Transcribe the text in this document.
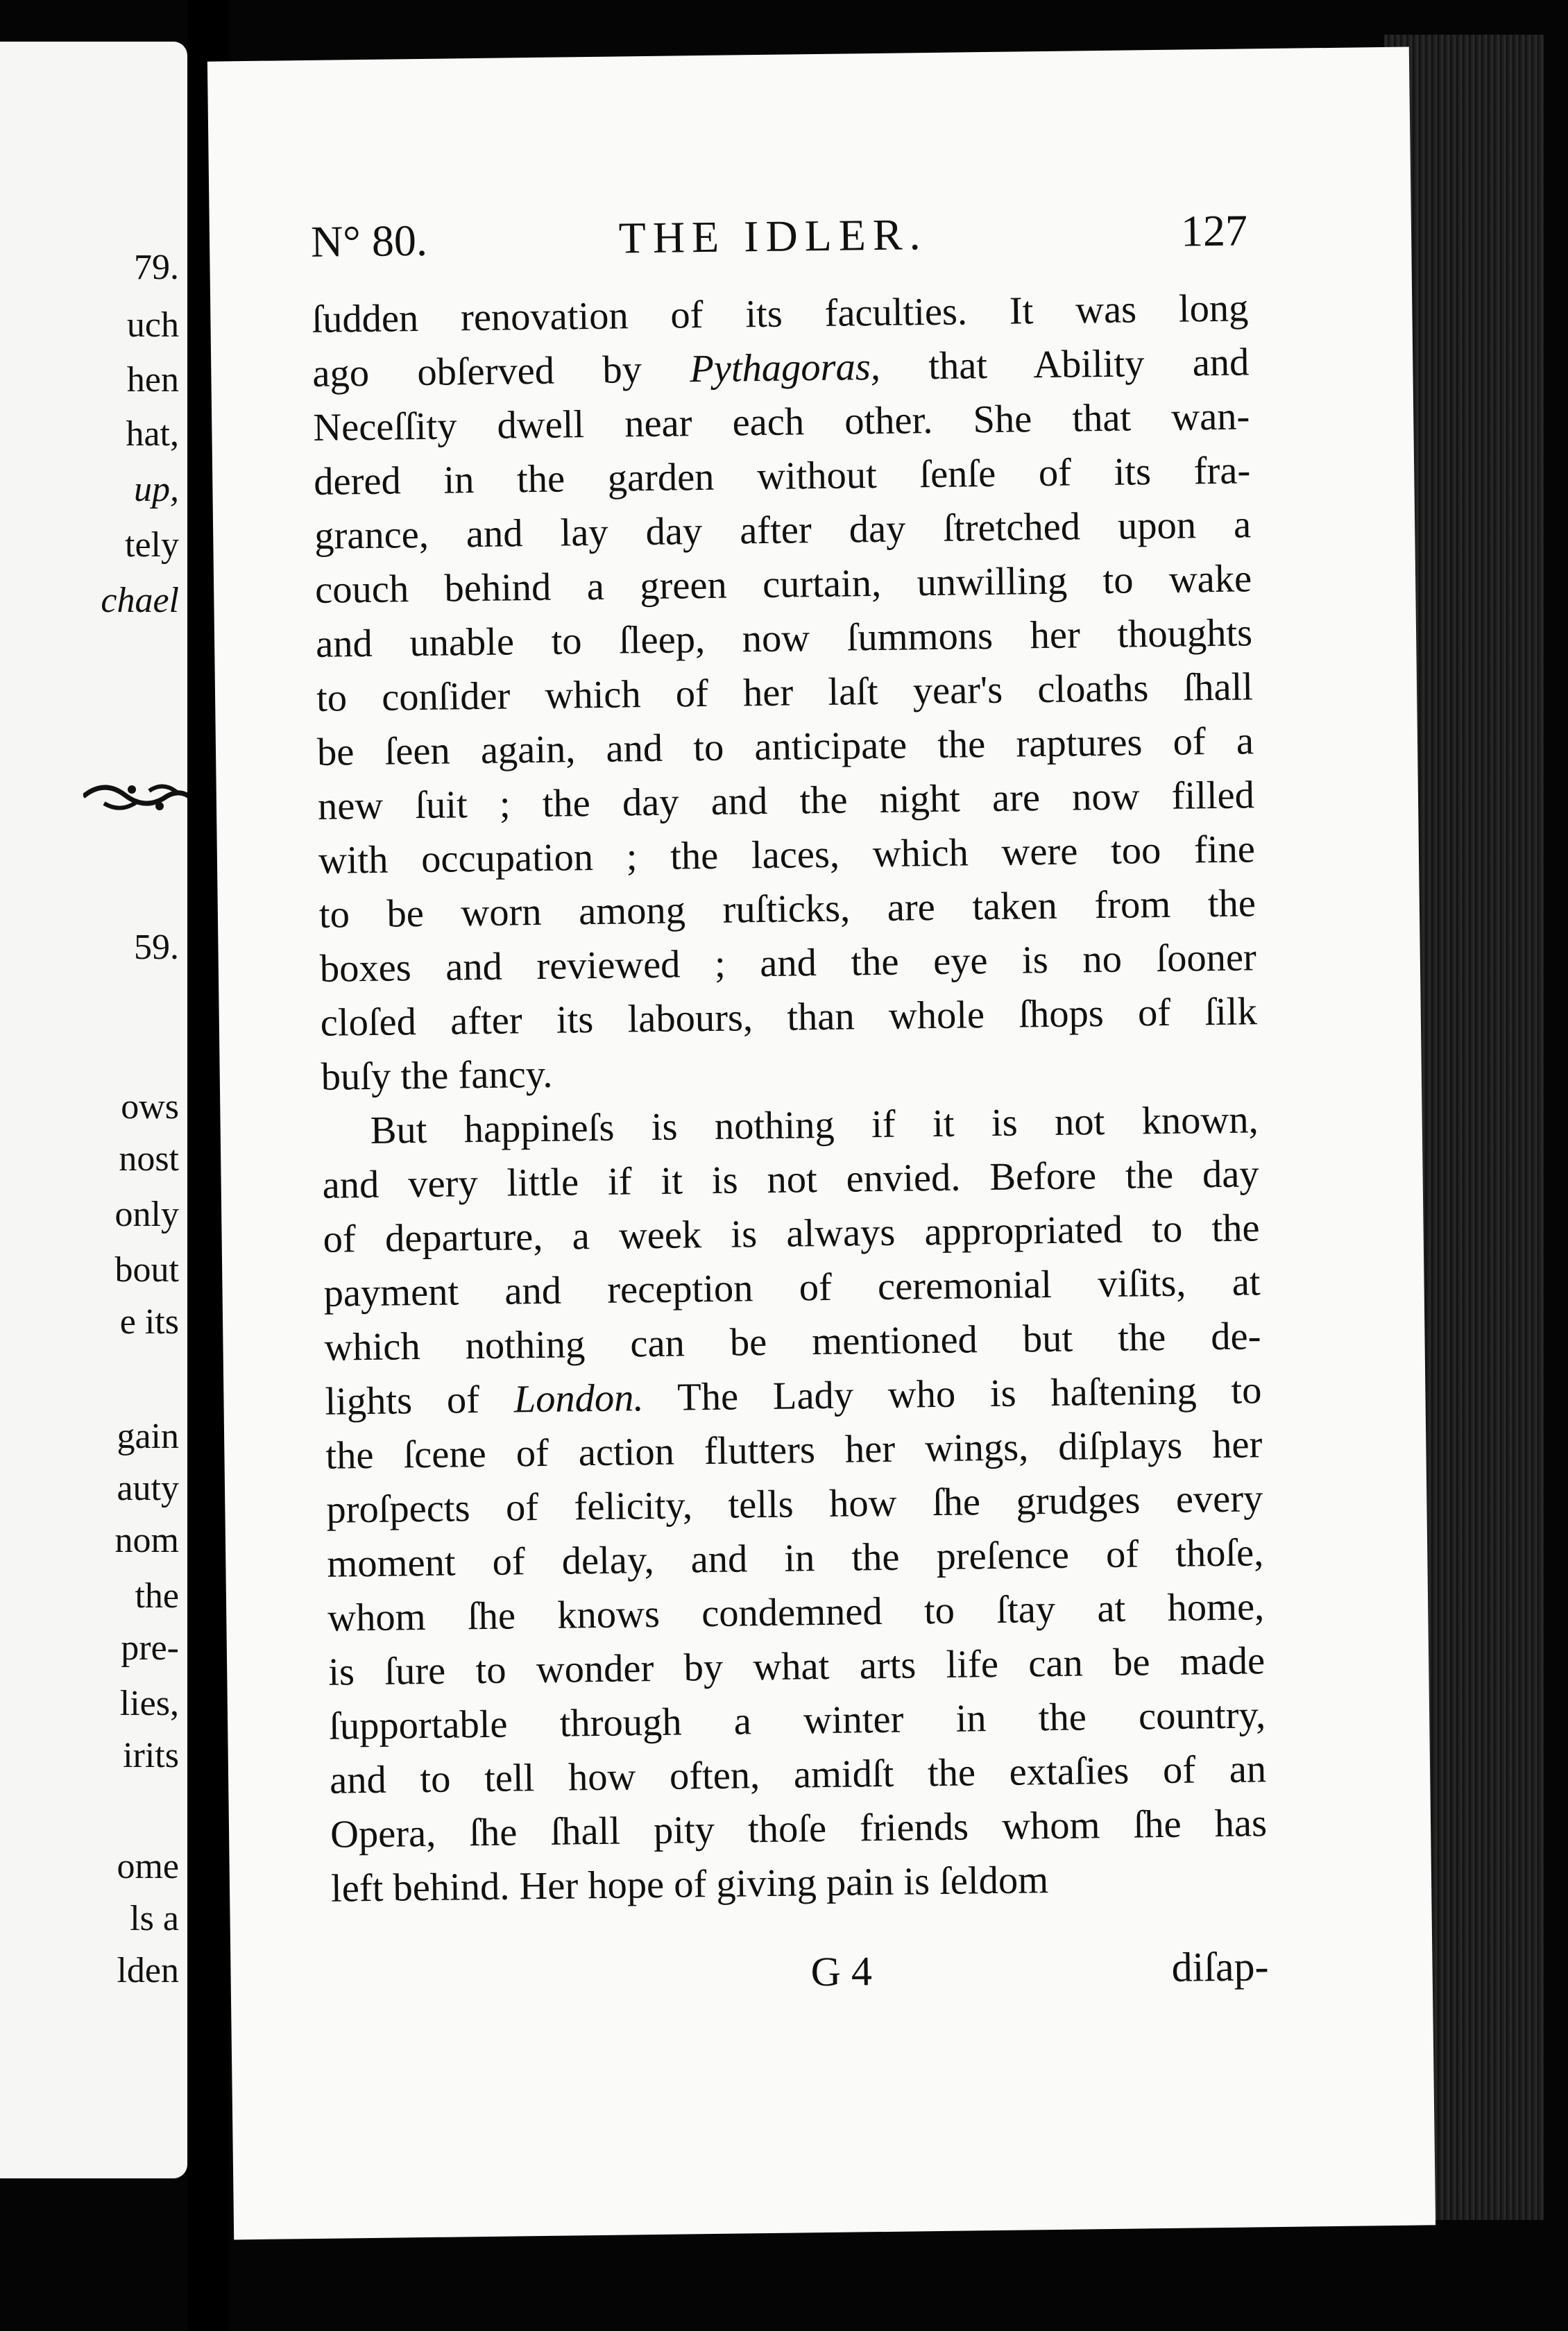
79.
uch
hen
hat,
up,
tely
chael
59.
ows
nost
only
bout
e its
gain
auty
nom
the
pre-
lies,
irits
ome
ls a
lden
N° 80.	THE IDLER.	127
ſudden renovation of its faculties. It was long
ago obſerved by Pythagoras, that Ability and
Neceſſity dwell near each other. She that wan-
dered in the garden without ſenſe of its fra-
grance, and lay day after day ſtretched upon a
couch behind a green curtain, unwilling to wake
and unable to ſleep, now ſummons her thoughts
to conſider which of her laſt year's cloaths ſhall
be ſeen again, and to anticipate the raptures of a
new ſuit ; the day and the night are now filled
with occupation ; the laces, which were too fine
to be worn among ruſticks, are taken from the
boxes and reviewed ; and the eye is no ſooner
cloſed after its labours, than whole ſhops of ſilk
buſy the fancy.
But happineſs is nothing if it is not known,
and very little if it is not envied. Before the day
of departure, a week is always appropriated to the
payment and reception of ceremonial viſits, at
which nothing can be mentioned but the de-
lights of London. The Lady who is haſtening to
the ſcene of action flutters her wings, diſplays her
proſpects of felicity, tells how ſhe grudges every
moment of delay, and in the preſence of thoſe,
whom ſhe knows condemned to ſtay at home,
is ſure to wonder by what arts life can be made
ſupportable through a winter in the country,
and to tell how often, amidſt the extaſies of an
Opera, ſhe ſhall pity thoſe friends whom ſhe has
left behind. Her hope of giving pain is ſeldom
G 4	diſap-
